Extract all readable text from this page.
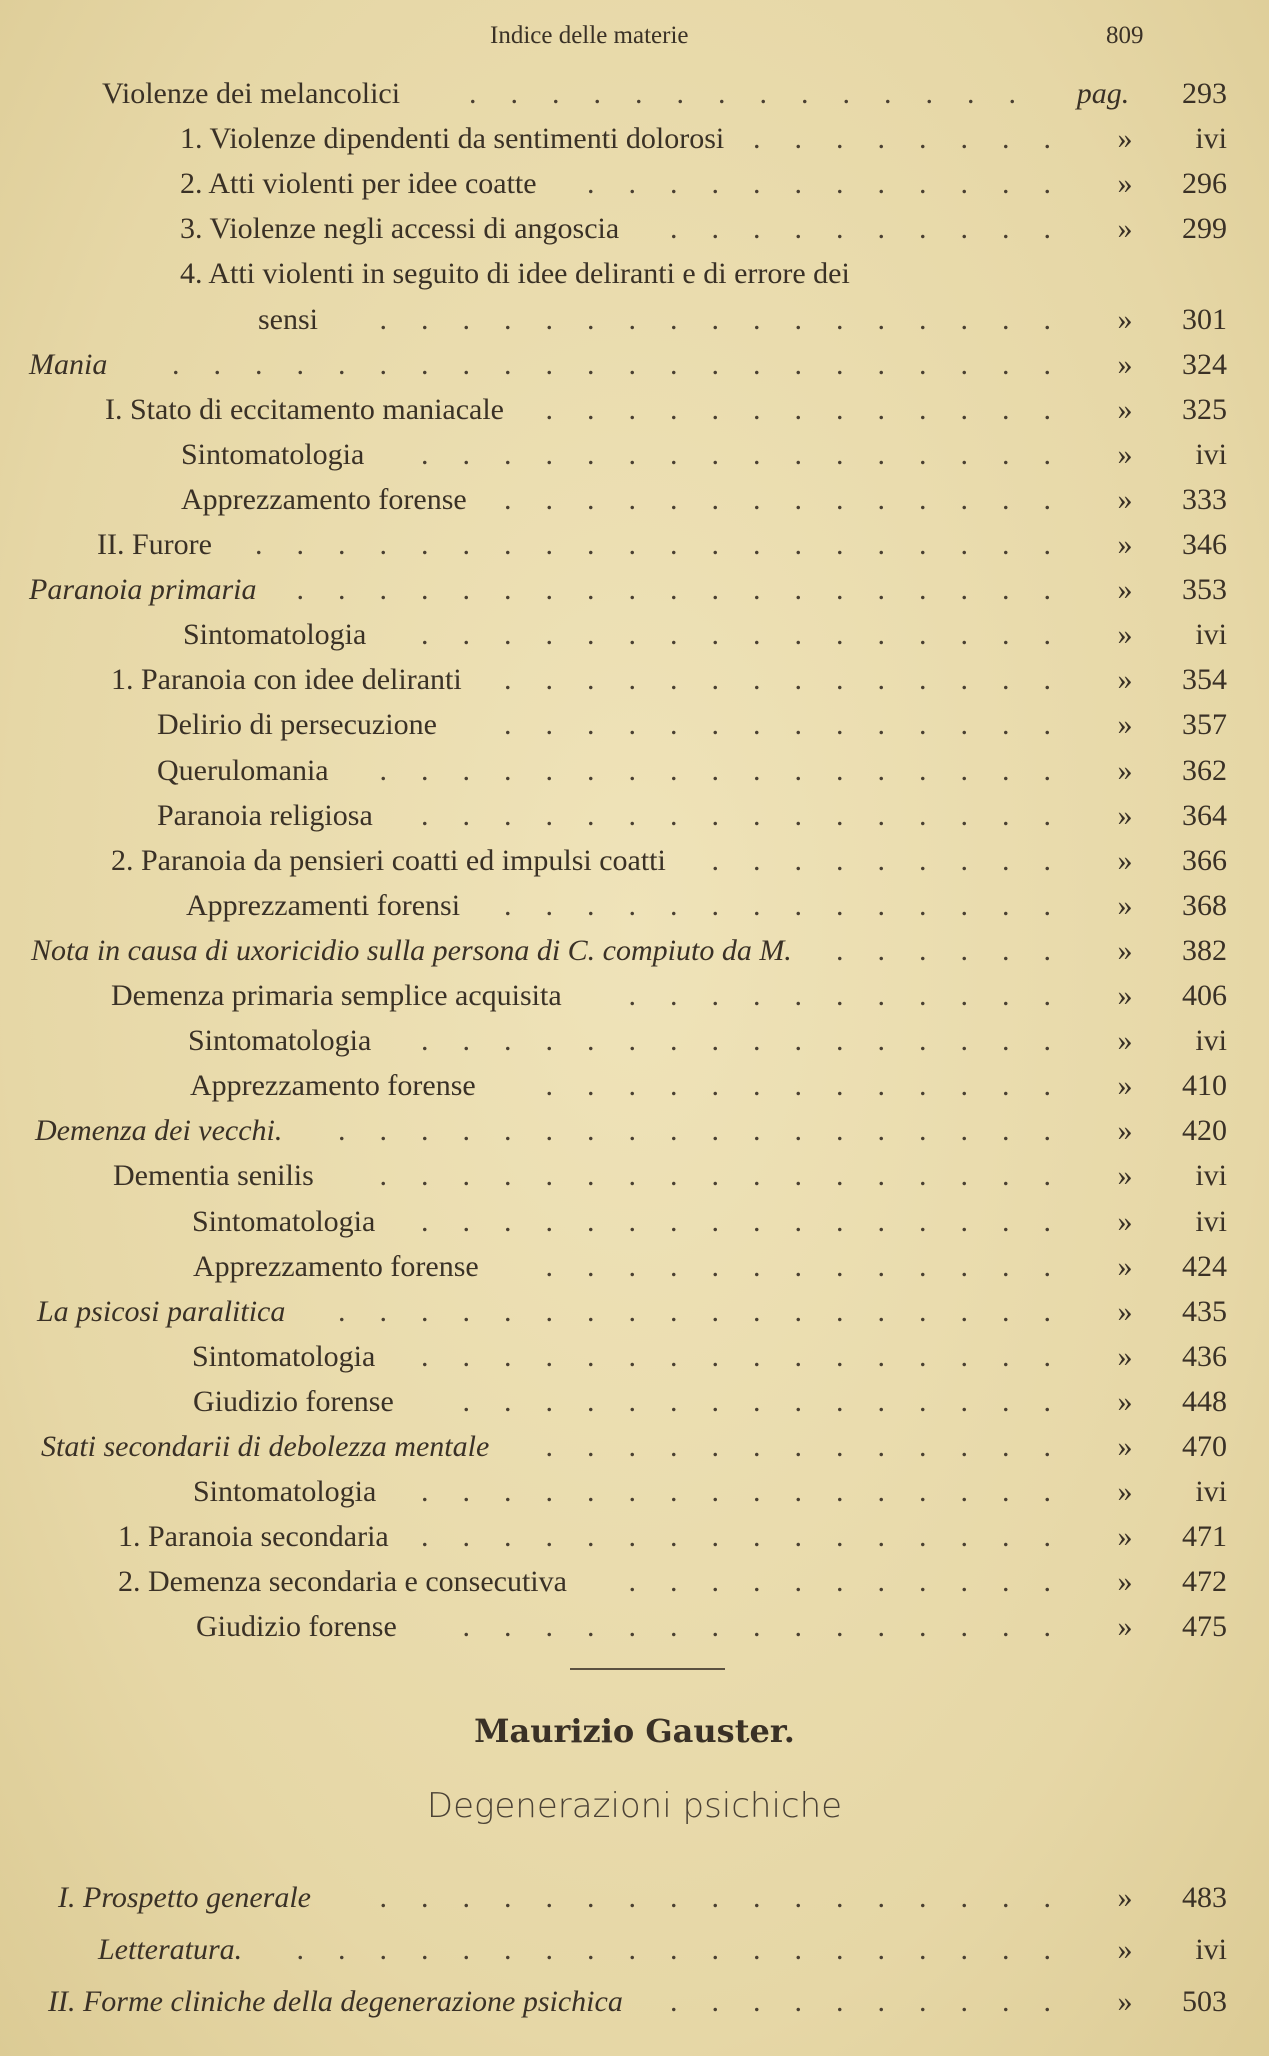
Indice delle materie	809
Violenze dei melancolici	.............. pag.	293
1. Violenze dipendenti da sentimenti dolorosi ........	»	ivi
2. Atti violenti per idee coatte	............	»	296
3. Violenze negli accessi di angoscia	..........	»	299
4. Atti violenti in seguito di idee deliranti e di errore dei
sensi	.................	»	301
Mania	......................	»	324
I. Stato di eccitamento maniacale	.............	»	325
Sintomatologia	................	»	ivi
Apprezzamento forense	..............	»	333
II. Furore	....................	»	346
Paranoia primaria	...................	»	353
Sintomatologia	................	»	ivi
1. Paranoia con idee deliranti	..............	»	354
Delirio di persecuzione	..............	»	357
Querulomania	.................	»	362
Paranoia religiosa	................	»	364
2. Paranoia da pensieri coatti ed impulsi coatti	.........	»	366
Apprezzamenti forensi	..............	»	368
Nota in causa di uxoricidio sulla persona di C. compiuto da M.	......	»	382
Demenza primaria semplice acquisita	...........	»	406
Sintomatologia	................	»	ivi
Apprezzamento forense	.............	»	410
Demenza dei vecchi.	..................	»	420
Dementia senilis	.................	»	ivi
Sintomatologia	................	»	ivi
Apprezzamento forense	.............	»	424
La psicosi paralitica	..................	»	435
Sintomatologia	................	»	436
Giudizio forense	...............	»	448
Stati secondarii di debolezza mentale	.............	»	470
Sintomatologia	................	»	ivi
1. Paranoia secondaria ................	»	471
2. Demenza secondaria e consecutiva	...........	»	472
Giudizio forense	...............	»	475
Maurizio Gauster.
Degenerazioni psichiche
I. Prospetto generale	.................	»	483
Letteratura.	...................	»	ivi
II. Forme cliniche della degenerazione psichica	..........	»	503
